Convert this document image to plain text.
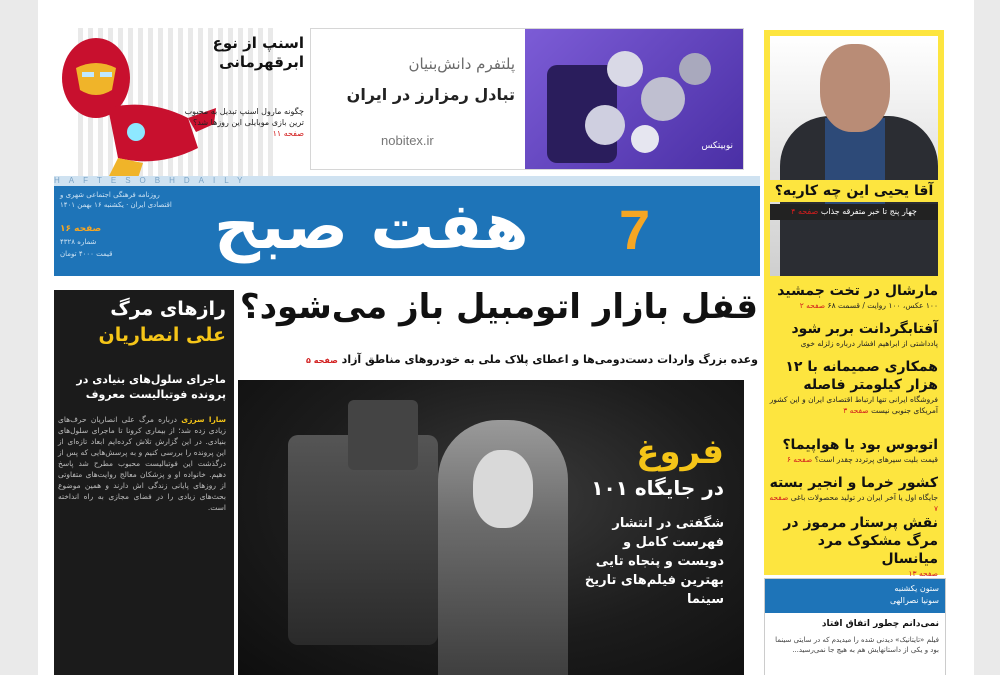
اسنپ از نوع ابرقهرمانی
چگونه مارول اسنپ تبدیل به محبوب ترین بازی موبایلی این روزها شد؟ صفحه ۱۱
نوبیتکس
پلتفرم دانش‌بنیان
تبادل رمزارز در ایران
nobitex.ir
HAFTESOBHDAILY
هفت صبح 7
روزنامه فرهنگی اجتماعی شهری و اقتصادی ایران · یکشنبه ۱۶ بهمن ۱۴۰۱
۱۶ صفحه
شماره ۴۳۲۸
قیمت ۴۰۰۰ تومان
آقا یحیی این چه کاریه؟
چهار پنج تا خبر متفرقه جذاب صفحه ۴
مارشال در تخت جمشید
۱۰۰ عکس، ۱۰۰ روایت / قسمت ۶۸ صفحه ۲
آفتابگردانت بربر شود
پادداشتی از ابراهیم افشار درباره زلزله خوی
همکاری صمیمانه با ۱۲ هزار کیلومتر فاصله
فروشگاه ایرانی تنها ارتباط اقتصادی ایران و این کشور آمریکای جنوبی نیست صفحه ۳
اتوبوس بود یا هواپیما؟
قیمت بلیت سیرهای پرتردد چقدر است؟ صفحه ۶
کشور خرما و انجیر بسته
جایگاه اول یا آخر ایران در تولید محصولات باغی صفحه ۷
نقش پرستار مرموز در مرگ مشکوک مرد میانسال
صفحه ۱۳
ستون یکشنبه
سونیا نصرالهی
نمی‌دانم چطور اتفاق افتاد
فیلم «تایتانیک» دیدنی شده را میدیدم که در سایتی سینما بود و یکی از داستانهایش هم به هیچ جا نمی‌رسید...
قفل بازار اتومبیل باز می‌شود؟
وعده بزرگ واردات دست‌دومی‌ها و اعطای پلاک ملی به خودروهای مناطق آزاد صفحه ۵
رازهای مرگ
علی انصاریان
ماجرای سلول‌های بنیادی در پرونده فوتبالیست معروف
سارا سرزی درباره مرگ علی انصاریان حرف‌های زیادی زده شد؛ از بیماری کرونا تا ماجرای سلول‌های بنیادی. در این گزارش تلاش کرده‌ایم ابعاد تازه‌ای از این پرونده را بررسی کنیم و به پرسش‌هایی که پس از درگذشت این فوتبالیست محبوب مطرح شد پاسخ دهیم. خانواده او و پزشکان معالج روایت‌های متفاوتی از روزهای پایانی زندگی اش دارند و همین موضوع بحث‌های زیادی را در فضای مجازی به راه انداخته است.
فروغ
در جایگاه ۱۰۱
شگفتی در انتشار فهرست کامل و دویست و پنجاه تایی بهترین فیلم‌های تاریخ سینما
